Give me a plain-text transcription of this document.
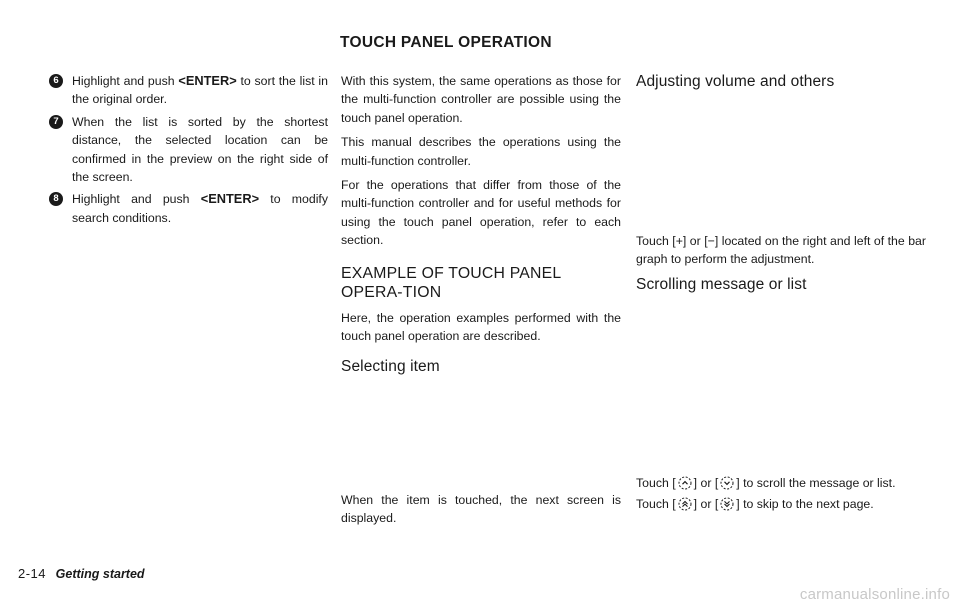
TOUCH PANEL OPERATION
6	Highlight and push <ENTER> to sort the list in the original order.
7	When the list is sorted by the shortest distance, the selected location can be confirmed in the preview on the right side of the screen.
8	Highlight and push <ENTER> to modify search conditions.

With this system, the same operations as those for the multi-function controller are possible using the touch panel operation.

This manual describes the operations using the multi-function controller.

For the operations that differ from those of the multi-function controller and for useful methods for using the touch panel operation, refer to each section.

EXAMPLE OF TOUCH PANEL OPERA-TION

Here, the operation examples performed with the touch panel operation are described.

Selecting item
When the item is touched, the next screen is displayed.
Adjusting volume and others
Touch [+] or [−] located on the right and left of the bar graph to perform the adjustment.
Scrolling message or list
Touch [ ] or [ ] to scroll the message or list.
Touch [ ] or [ ] to skip to the next page.
2-14 Getting started
carmanualsonline.info
